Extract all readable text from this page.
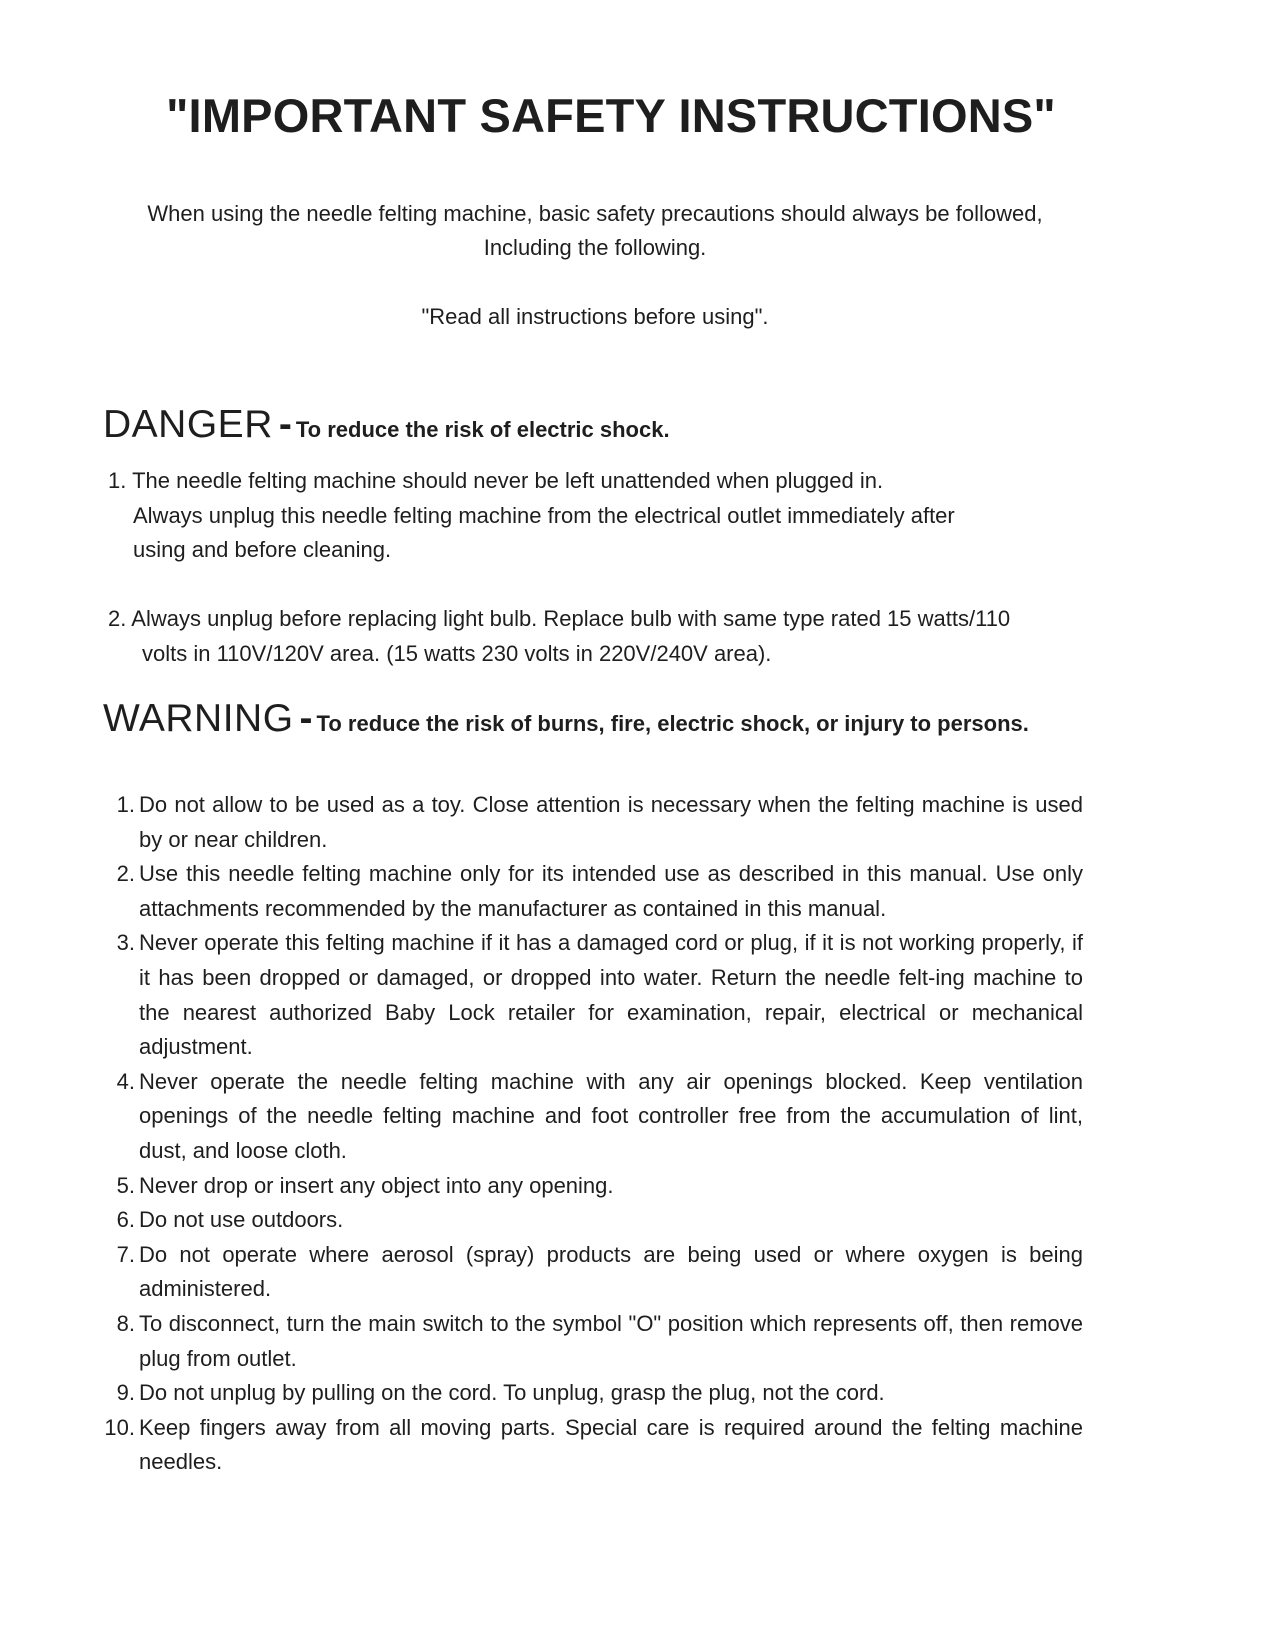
"IMPORTANT SAFETY INSTRUCTIONS"

When using the needle felting machine, basic safety precautions should always be followed,
Including the following.

"Read all instructions before using".

DANGER - To reduce the risk of electric shock.
1. The needle felting machine should never be left unattended when plugged in.
Always unplug this needle felting machine from the electrical outlet immediately after
using and before cleaning.
2. Always unplug before replacing light bulb. Replace bulb with same type rated 15 watts/110
volts in 110V/120V area. (15 watts 230 volts in 220V/240V area).
WARNING - To reduce the risk of burns, fire, electric shock, or injury to persons.
1. Do not allow to be used as a toy. Close attention is necessary when the felting machine is used by or near children.
2. Use this needle felting machine only for its intended use as described in this manual. Use only attachments recommended by the manufacturer as contained in this manual.
3. Never operate this felting machine if it has a damaged cord or plug, if it is not working properly, if it has been dropped or damaged, or dropped into water. Return the needle felt-ing machine to the nearest authorized Baby Lock retailer for examination, repair, electrical or mechanical adjustment.
4. Never operate the needle felting machine with any air openings blocked. Keep ventilation openings of the needle felting machine and foot controller free from the accumulation of lint, dust, and loose cloth.
5. Never drop or insert any object into any opening.
6. Do not use outdoors.
7. Do not operate where aerosol (spray) products are being used or where oxygen is being administered.
8. To disconnect, turn the main switch to the symbol "O" position which represents off, then remove plug from outlet.
9. Do not unplug by pulling on the cord. To unplug, grasp the plug, not the cord.
10. Keep fingers away from all moving parts. Special care is required around the felting machine needles.
